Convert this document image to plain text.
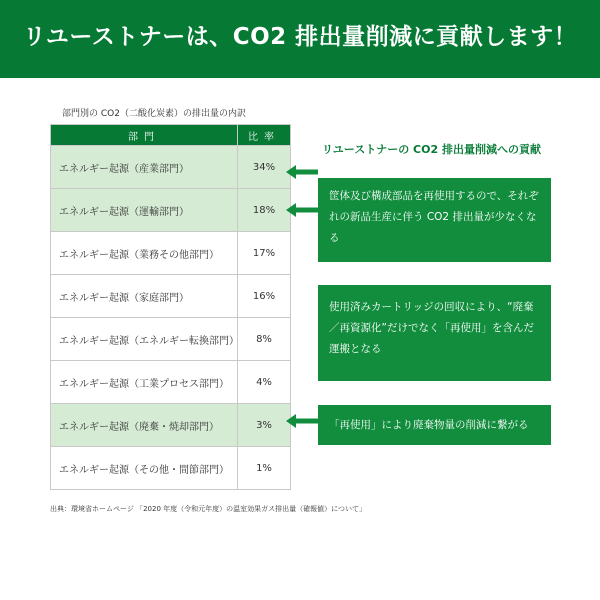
リユーストナーは、CO2 排出量削減に貢献します！
部門別の CO2（二酸化炭素）の排出量の内訳
部門	比率
エネルギー起源（産業部門）	34%
エネルギー起源（運輸部門）	18%
エネルギー起源（業務その他部門）	17%
エネルギー起源（家庭部門）	16%
エネルギー起源（エネルギー転換部門）	8%
エネルギー起源（工業プロセス部門）	4%
エネルギー起源（廃棄・焼却部門）	3%
エネルギー起源（その他・間節部門）	1%
リユーストナーの CO2 排出量削減への貢献
筐体及び構成部品を再使用するので、それぞれの新品生産に伴う CO2 排出量が少なくなる
使用済みカートリッジの回収により、“廃棄／再資源化”だけでなく「再使用」を含んだ運搬となる
「再使用」により廃棄物量の削減に繋がる
出典：環境省ホームページ 「2020 年度（令和元年度）の温室効果ガス排出量（確報値）について」
